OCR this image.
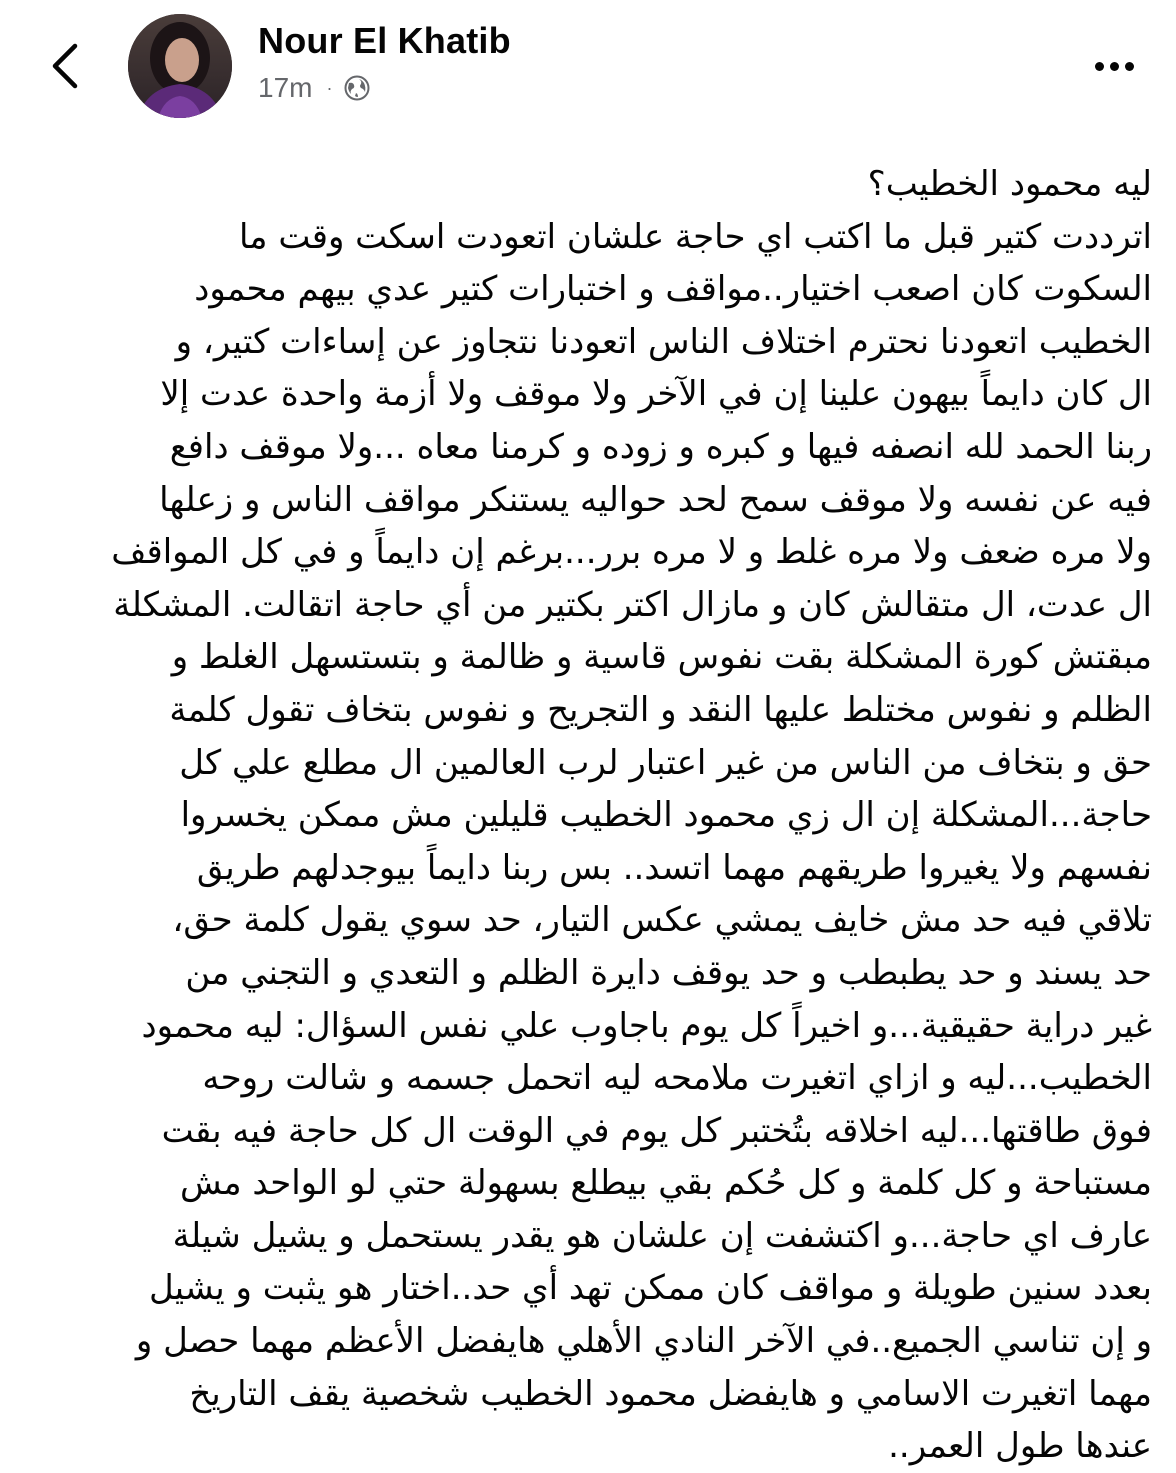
Nour El Khatib
17m ·
ليه محمود الخطيب؟
اترددت كتير قبل ما اكتب اي حاجة علشان اتعودت اسكت وقت ما
السكوت كان اصعب اختيار..مواقف و اختبارات كتير عدي بيهم محمود
الخطيب اتعودنا نحترم اختلاف الناس اتعودنا نتجاوز عن إساءات كتير، و
ال كان دايماً بيهون علينا إن في الآخر ولا موقف ولا أزمة واحدة عدت إلا
ربنا الحمد لله انصفه فيها و كبره و زوده و كرمنا معاه ...ولا موقف دافع
فيه عن نفسه ولا موقف سمح لحد حواليه يستنكر مواقف الناس و زعلها
ولا مره ضعف ولا مره غلط و لا مره برر...برغم إن دايماً و في كل المواقف
ال عدت، ال متقالش كان و مازال اكتر بكتير من أي حاجة اتقالت. المشكلة
مبقتش كورة المشكلة بقت نفوس قاسية و ظالمة و بتستسهل الغلط و
الظلم و نفوس مختلط عليها النقد و التجريح و نفوس بتخاف تقول كلمة
حق و بتخاف من الناس من غير اعتبار لرب العالمين ال مطلع علي كل
حاجة...المشكلة إن ال زي محمود الخطيب قليلين مش ممكن يخسروا
نفسهم ولا يغيروا طريقهم مهما اتسد.. بس ربنا دايماً بيوجدلهم طريق
تلاقي فيه حد مش خايف يمشي عكس التيار، حد سوي يقول كلمة حق،
حد يسند و حد يطبطب و حد يوقف دايرة الظلم و التعدي و التجني من
غير دراية حقيقية...و اخيراً كل يوم باجاوب علي نفس السؤال: ليه محمود
الخطيب...ليه و ازاي اتغيرت ملامحه ليه اتحمل جسمه و شالت روحه
فوق طاقتها...ليه اخلاقه بتُختبر كل يوم في الوقت ال كل حاجة فيه بقت
مستباحة و كل كلمة و كل حُكم بقي بيطلع بسهولة حتي لو الواحد مش
عارف اي حاجة...و اكتشفت إن علشان هو يقدر يستحمل و يشيل شيلة
بعدد سنين طويلة و مواقف كان ممكن تهد أي حد..اختار هو يثبت و يشيل
و إن تناسي الجميع..في الآخر النادي الأهلي هايفضل الأعظم مهما حصل و
مهما اتغيرت الاسامي و هايفضل محمود الخطيب شخصية يقف التاريخ
عندها طول العمر..
